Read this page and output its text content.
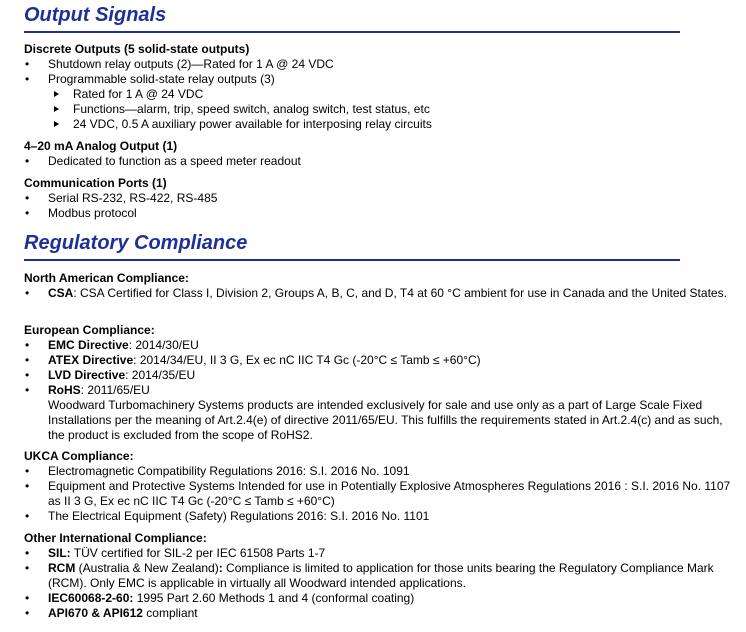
Output Signals
Discrete Outputs (5 solid-state outputs)
• Shutdown relay outputs (2)—Rated for 1 A @ 24 VDC
• Programmable solid-state relay outputs (3)
Rated for 1 A @ 24 VDC
Functions—alarm, trip, speed switch, analog switch, test status, etc
24 VDC, 0.5 A auxiliary power available for interposing relay circuits
4–20 mA Analog Output (1)
• Dedicated to function as a speed meter readout
Communication Ports (1)
• Serial RS-232, RS-422, RS-485
• Modbus protocol
Regulatory Compliance
North American Compliance:
• CSA: CSA Certified for Class I, Division 2, Groups A, B, C, and D, T4 at 60 °C ambient for use in Canada and the United States.
European Compliance:
• EMC Directive: 2014/30/EU
• ATEX Directive: 2014/34/EU, II 3 G, Ex ec nC IIC T4 Gc (-20°C ≤ Tamb ≤ +60°C)
• LVD Directive: 2014/35/EU
• RoHS: 2011/65/EU
Woodward Turbomachinery Systems products are intended exclusively for sale and use only as a part of Large Scale Fixed Installations per the meaning of Art.2.4(e) of directive 2011/65/EU. This fulfills the requirements stated in Art.2.4(c) and as such, the product is excluded from the scope of RoHS2.
UKCA Compliance:
• Electromagnetic Compatibility Regulations 2016: S.I. 2016 No. 1091
• Equipment and Protective Systems Intended for use in Potentially Explosive Atmospheres Regulations 2016 : S.I. 2016 No. 1107 as II 3 G, Ex ec nC IIC T4 Gc (-20°C ≤ Tamb ≤ +60°C)
• The Electrical Equipment (Safety) Regulations 2016: S.I. 2016 No. 1101
Other International Compliance:
• SIL: TÜV certified for SIL-2 per IEC 61508 Parts 1-7
• RCM (Australia & New Zealand): Compliance is limited to application for those units bearing the Regulatory Compliance Mark (RCM). Only EMC is applicable in virtually all Woodward intended applications.
• IEC60068-2-60: 1995 Part 2.60 Methods 1 and 4 (conformal coating)
• API670 & API612 compliant
